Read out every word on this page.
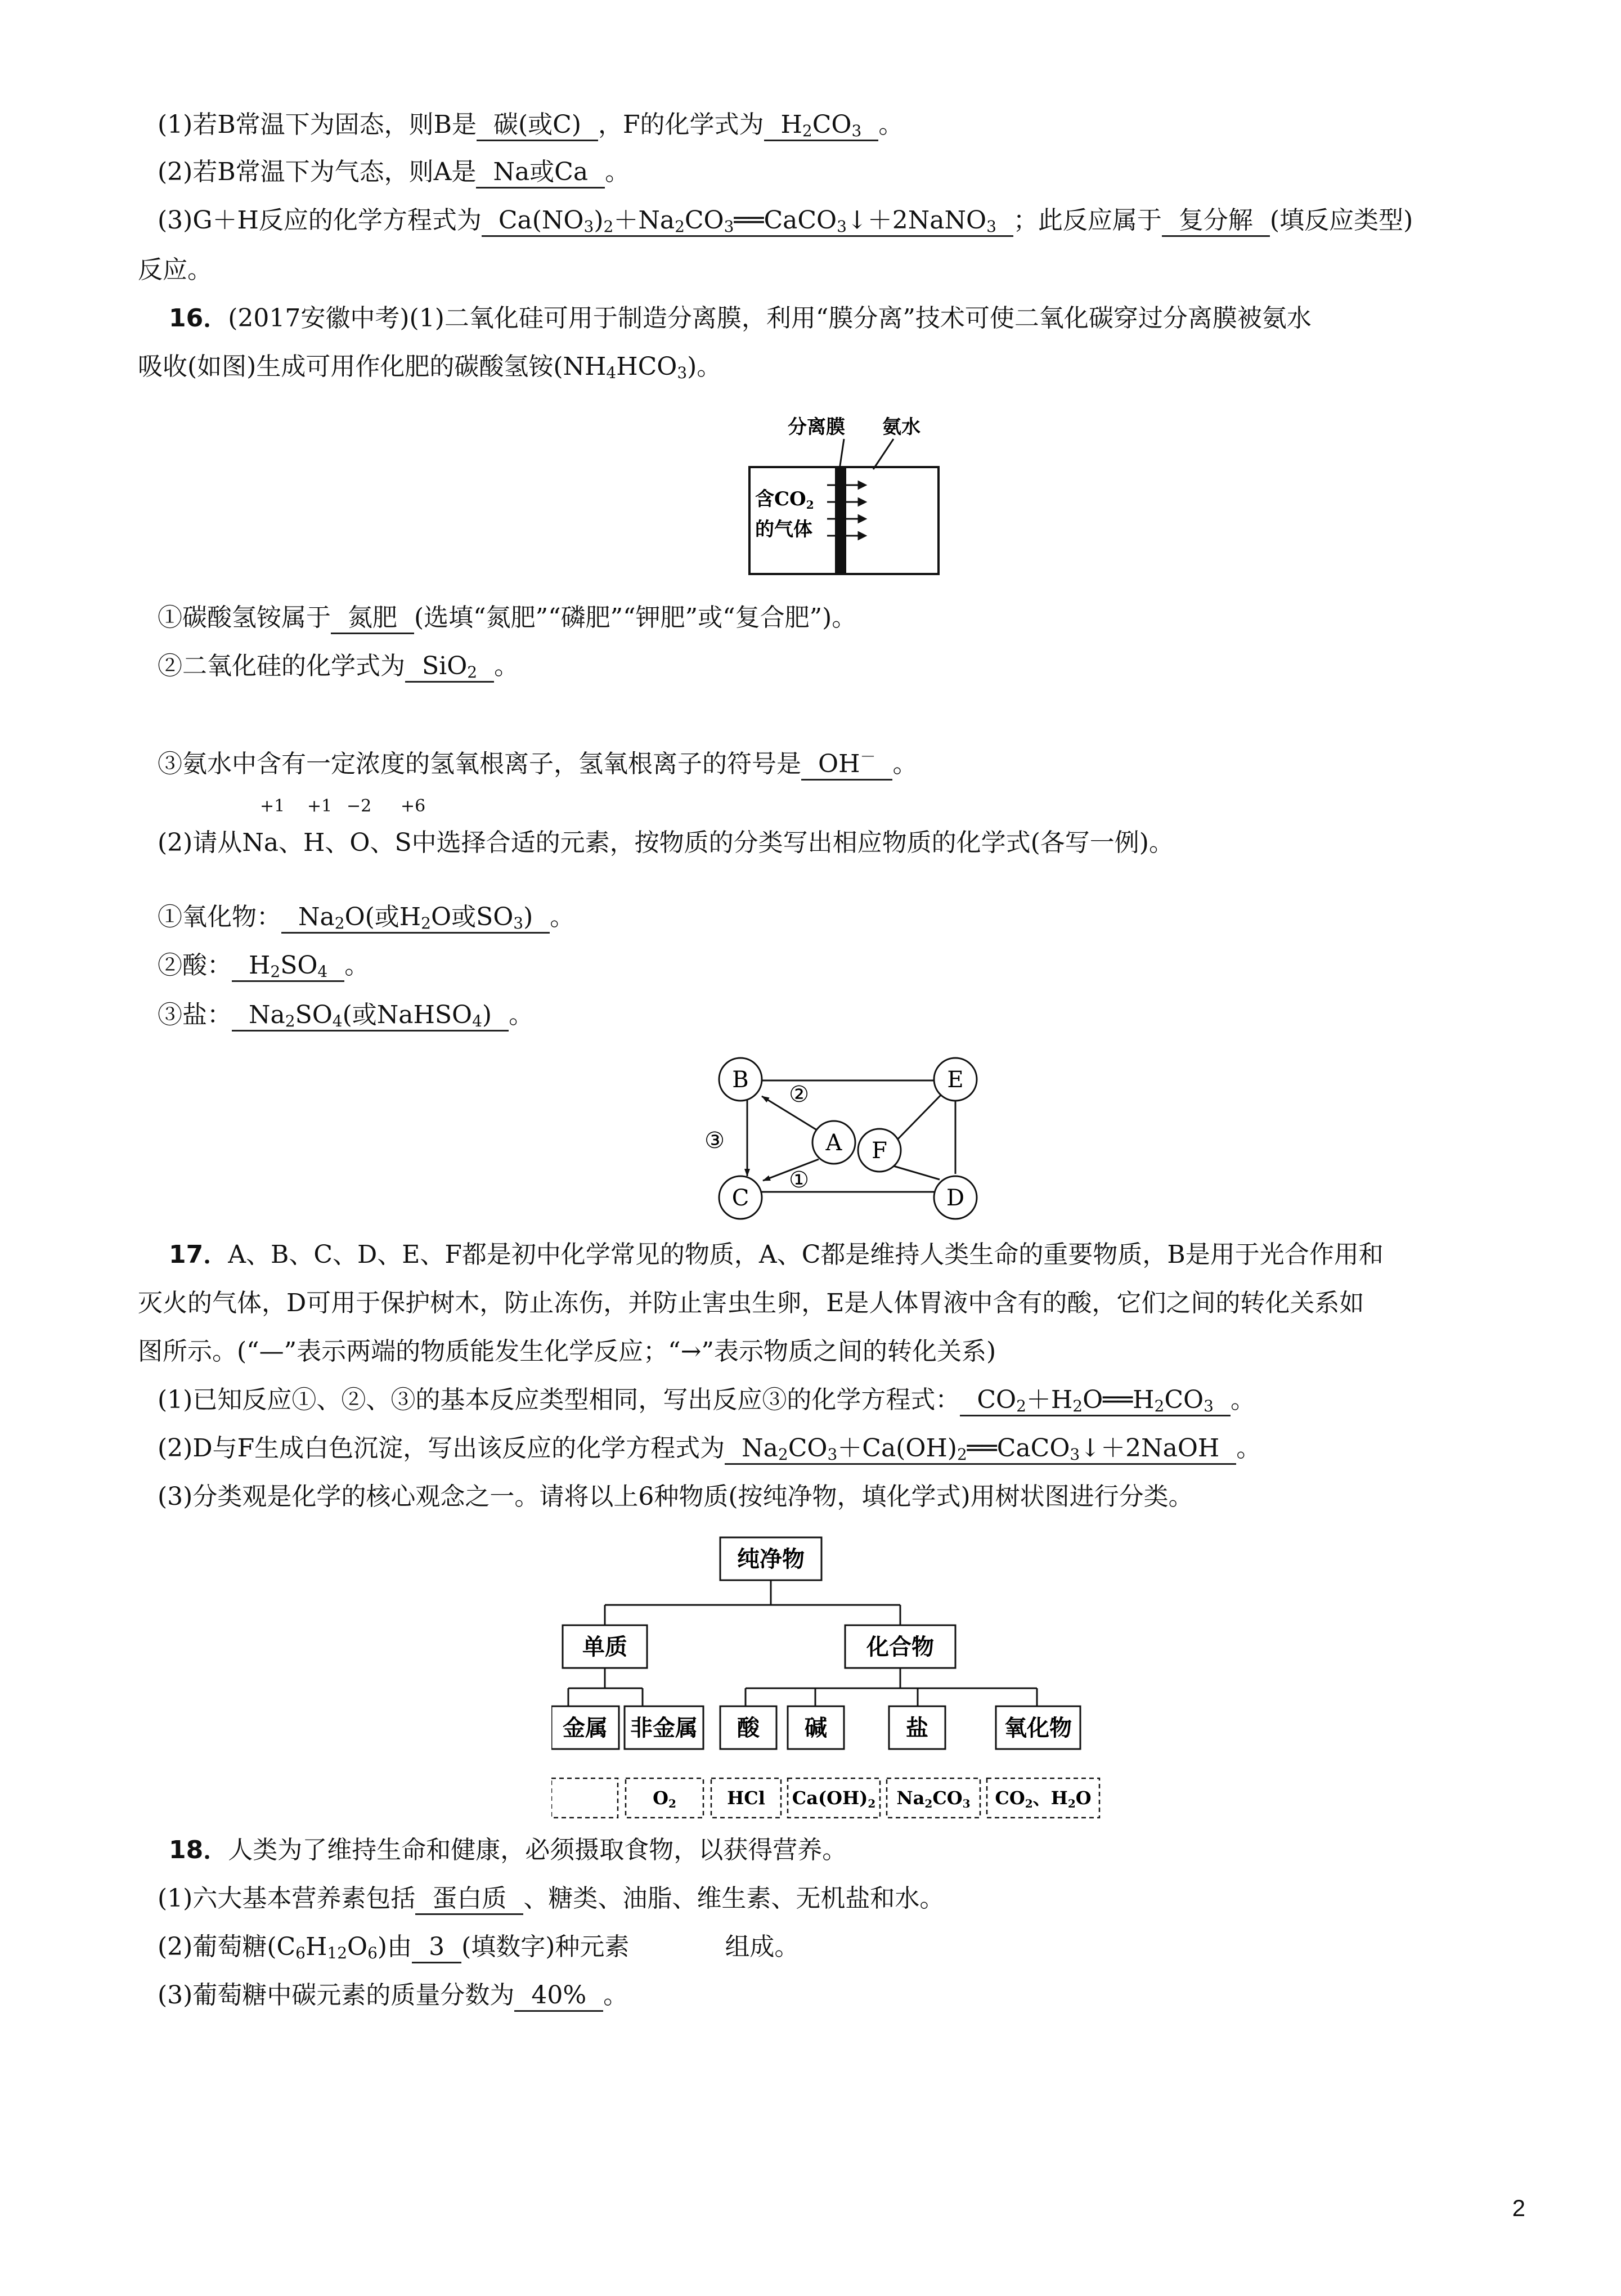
(1)若B常温下为固态，则B是 碳(或C) ，F的化学式为 $H_2CO_3$ 。
(2)若B常温下为气态，则A是 Na或Ca 。
(3)G＋H反应的化学方程式为 $Ca(NO_3)_2+Na_2CO_3══CaCO_3↓+2NaNO_3$ ；此反应属于 复分解 (填反应类型)
反应。
16．(2017安徽中考)(1)二氧化硅可用于制造分离膜，利用“膜分离”技术可使二氧化碳穿过分离膜被氨水
吸收(如图)生成可用作化肥的碳酸氢铵$(NH_4HCO_3)$。
分离膜 氨水
含CO2
的气体
①碳酸氢铵属于 氮肥 (选填“氮肥”“磷肥”“钾肥”或“复合肥”)。
②二氧化硅的化学式为 SiO$_2$ 。
③氨水中含有一定浓度的氢氧根离子，氢氧根离子的符号是 OH－ 。
+1 +1 −2 +6
(2)请从Na、H、O、S中选择合适的元素，按物质的分类写出相应物质的化学式(各写一例)。
①氧化物： $Na_2O$(或$H_2O$或$SO_3$) 。
②酸： $H_2SO_4$ 。
③盐： $Na_2SO_4$(或NaHSO$_4$) 。
B	E
A F
C	D
②
①
③
17．A、B、C、D、E、F都是初中化学常见的物质，A、C都是维持人类生命的重要物质，B是用于光合作用和
灭火的气体，D可用于保护树木，防止冻伤，并防止害虫生卵，E是人体胃液中含有的酸，它们之间的转化关系如
图所示。(“—”表示两端的物质能发生化学反应；“→”表示物质之间的转化关系)
(1)已知反应①、②、③的基本反应类型相同，写出反应③的化学方程式： $CO_2+H_2O══H_2CO_3$ 。
(2)D与F生成白色沉淀，写出该反应的化学方程式为 $Na_2CO_3+Ca(OH)_2══CaCO_3↓+2NaOH$ 。
(3)分类观是化学的核心观念之一。请将以上6种物质(按纯净物，填化学式)用树状图进行分类。
纯净物
单质	化合物
金属 非金属 酸 碱	盐	氧化物
O2	HCl Ca(OH)2 Na2CO3 CO2、H2O
18．人类为了维持生命和健康，必须摄取食物，以获得营养。
(1)六大基本营养素包括 蛋白质 、糖类、油脂、维生素、无机盐和水。
(2)葡萄糖$(C_6H_{12}O_6)$由 3 (填数字)种元素	组成。
(3)葡萄糖中碳元素的质量分数为 40% 。
2
